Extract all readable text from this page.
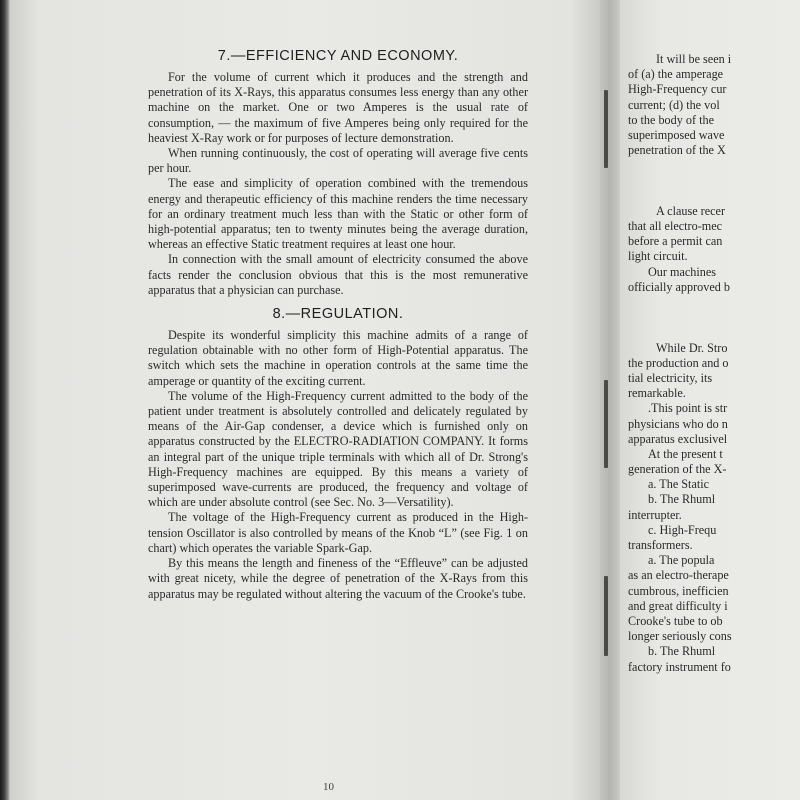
7.—EFFICIENCY AND ECONOMY.

For the volume of current which it produces and the strength and penetration of its X-Rays, this apparatus consumes less energy than any other machine on the market. One or two Amperes is the usual rate of consumption, — the maximum of five Amperes being only required for the heaviest X-Ray work or for purposes of lecture demonstration.

When running continuously, the cost of operating will average five cents per hour.

The ease and simplicity of operation combined with the tremendous energy and therapeutic efficiency of this machine renders the time necessary for an ordinary treatment much less than with the Static or other form of high-potential apparatus; ten to twenty minutes being the average duration, whereas an effective Static treatment requires at least one hour.

In connection with the small amount of electricity consumed the above facts render the conclusion obvious that this is the most remunerative apparatus that a physician can purchase.

8.—REGULATION.

Despite its wonderful simplicity this machine admits of a range of regulation obtainable with no other form of High-Potential apparatus. The switch which sets the machine in operation controls at the same time the amperage or quantity of the exciting current.

The volume of the High-Frequency current admitted to the body of the patient under treatment is absolutely controlled and delicately regulated by means of the Air-Gap condenser, a device which is furnished only on apparatus constructed by the ELECTRO-RADIATION COMPANY. It forms an integral part of the unique triple terminals with which all of Dr. Strong's High-Frequency machines are equipped. By this means a variety of superimposed wave-currents are produced, the frequency and voltage of which are under absolute control (see Sec. No. 3—Versatility).

The voltage of the High-Frequency current as produced in the High-tension Oscillator is also controlled by means of the Knob “L” (see Fig. 1 on chart) which operates the variable Spark-Gap.

By this means the length and fineness of the “Effleuve” can be adjusted with great nicety, while the degree of penetration of the X-Rays from this apparatus may be regulated without altering the vacuum of the Crooke's tube.

10
It will be seen i
of (a) the amperage
High-Frequency cur
current; (d) the vol
to the body of the
superimposed wave
penetration of the X
A clause recer
that all electro-mec
before a permit can
light circuit.
Our machines
officially approved b
While Dr. Stro
the production and o
tial electricity, its
remarkable.
.This point is str
physicians who do n
apparatus exclusivel
At the present t
generation of the X-
a. The Static
b. The Rhuml
interrupter.
c. High-Frequ
transformers.
a. The popula
as an electro-therape
cumbrous, inefficien
and great difficulty i
Crooke's tube to ob
longer seriously cons
b. The Rhuml
factory instrument fo
